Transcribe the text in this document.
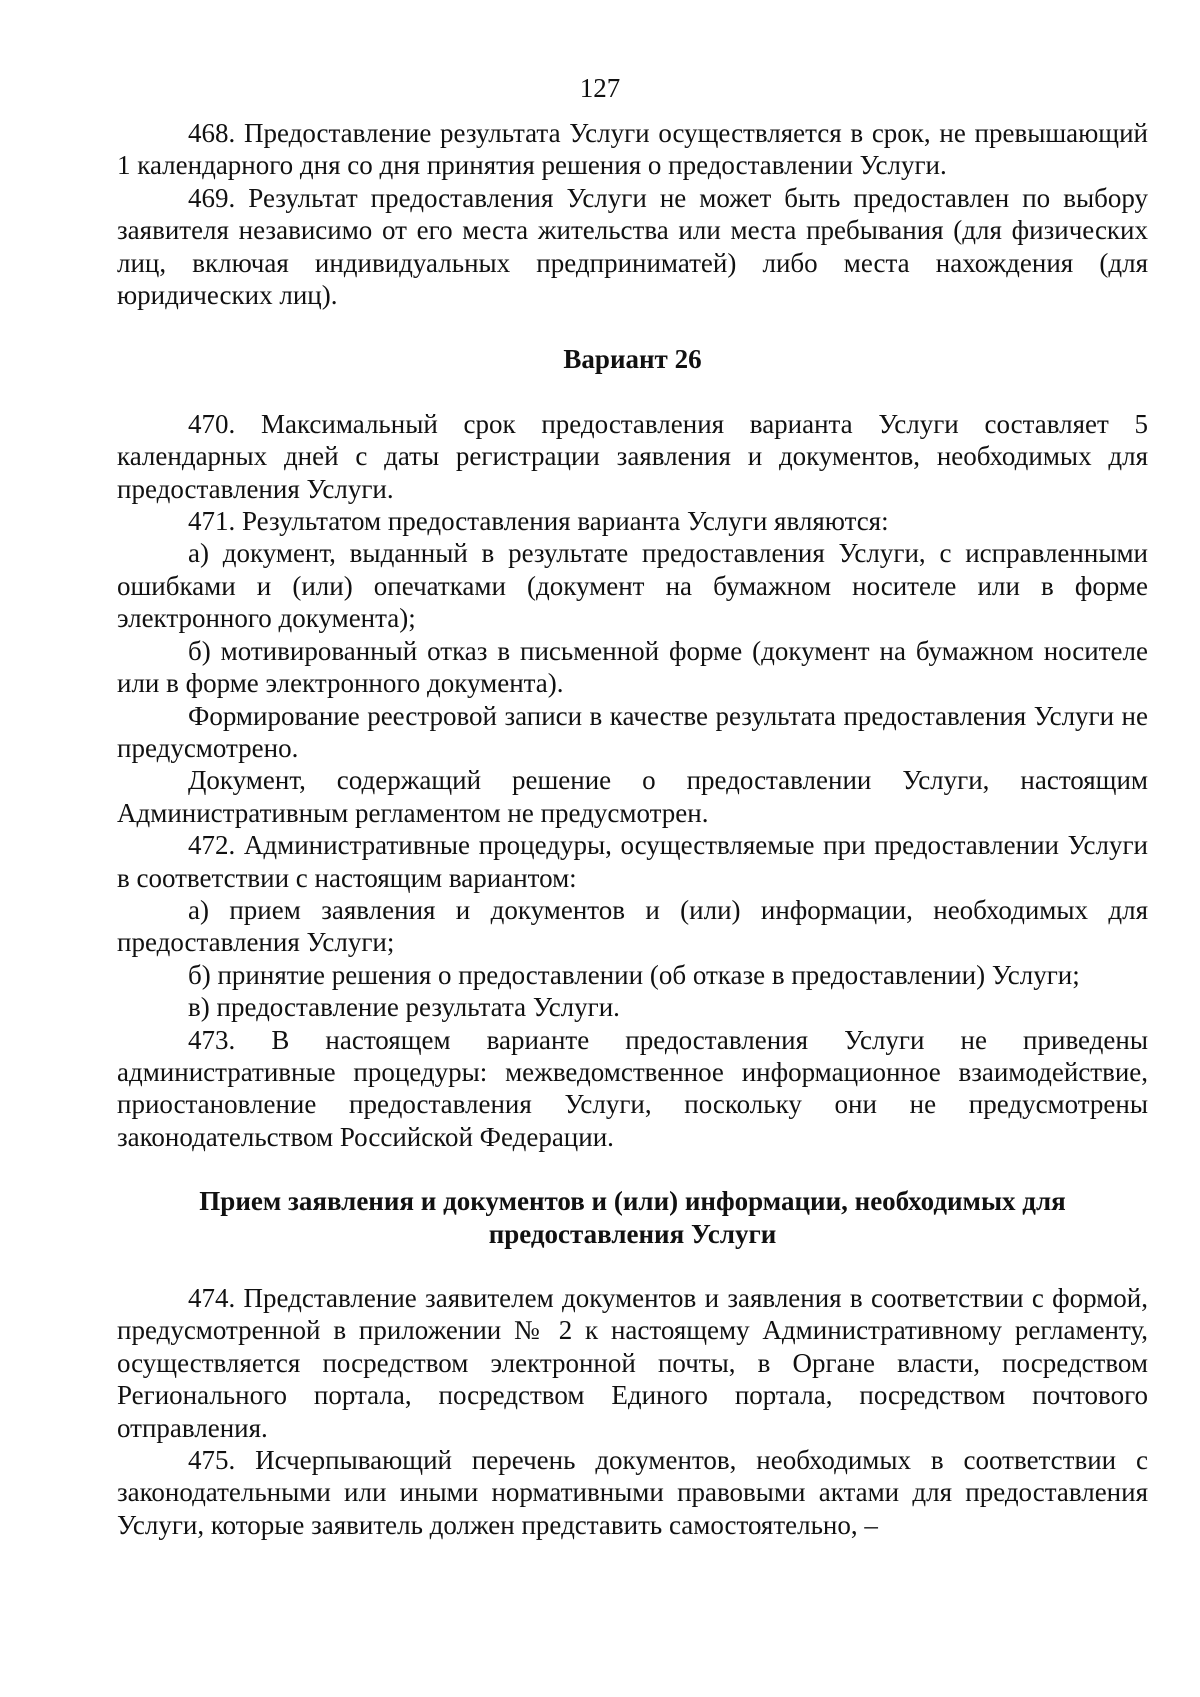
127

468. Предоставление результата Услуги осуществляется в срок, не превышающий 1 календарного дня со дня принятия решения о предоставлении Услуги.

469. Результат предоставления Услуги не может быть предоставлен по выбору заявителя независимо от его места жительства или места пребывания (для физических лиц, включая индивидуальных предприниматей) либо места нахождения (для юридических лиц).

Вариант 26

470. Максимальный срок предоставления варианта Услуги составляет 5 календарных дней с даты регистрации заявления и документов, необходимых для предоставления Услуги.

471. Результатом предоставления варианта Услуги являются:

а) документ, выданный в результате предоставления Услуги, с исправленными ошибками и (или) опечатками (документ на бумажном носителе или в форме электронного документа);

б) мотивированный отказ в письменной форме (документ на бумажном носителе или в форме электронного документа).

Формирование реестровой записи в качестве результата предоставления Услуги не предусмотрено.

Документ, содержащий решение о предоставлении Услуги, настоящим Административным регламентом не предусмотрен.

472. Административные процедуры, осуществляемые при предоставлении Услуги в соответствии с настоящим вариантом:

а) прием заявления и документов и (или) информации, необходимых для предоставления Услуги;

б) принятие решения о предоставлении (об отказе в предоставлении) Услуги;

в) предоставление результата Услуги.

473. В настоящем варианте предоставления Услуги не приведены административные процедуры: межведомственное информационное взаимодействие, приостановление предоставления Услуги, поскольку они не предусмотрены законодательством Российской Федерации.

Прием заявления и документов и (или) информации, необходимых для предоставления Услуги

474. Представление заявителем документов и заявления в соответствии с формой, предусмотренной в приложении № 2 к настоящему Административному регламенту, осуществляется посредством электронной почты, в Органе власти, посредством Регионального портала, посредством Единого портала, посредством почтового отправления.

475. Исчерпывающий перечень документов, необходимых в соответствии с законодательными или иными нормативными правовыми актами для предоставления Услуги, которые заявитель должен представить самостоятельно, –
